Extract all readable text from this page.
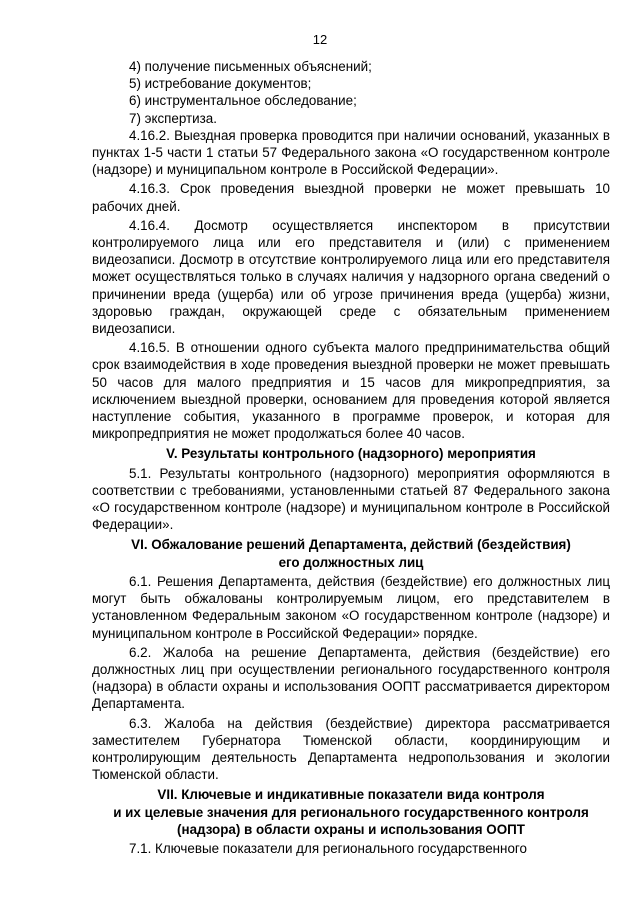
12

4) получение письменных объяснений;

5) истребование документов;

6) инструментальное обследование;

7) экспертиза.

4.16.2. Выездная проверка проводится при наличии оснований, указанных в пунктах 1-5 части 1 статьи 57 Федерального закона «О государственном контроле (надзоре) и муниципальном контроле в Российской Федерации».

4.16.3. Срок проведения выездной проверки не может превышать 10 рабочих дней.

4.16.4. Досмотр осуществляется инспектором в присутствии контролируемого лица или его представителя и (или) с применением видеозаписи. Досмотр в отсутствие контролируемого лица или его представителя может осуществляться только в случаях наличия у надзорного органа сведений о причинении вреда (ущерба) или об угрозе причинения вреда (ущерба) жизни, здоровью граждан, окружающей среде с обязательным применением видеозаписи.

4.16.5. В отношении одного субъекта малого предпринимательства общий срок взаимодействия в ходе проведения выездной проверки не может превышать 50 часов для малого предприятия и 15 часов для микропредприятия, за исключением выездной проверки, основанием для проведения которой является наступление события, указанного в программе проверок, и которая для микропредприятия не может продолжаться более 40 часов.

V. Результаты контрольного (надзорного) мероприятия

5.1. Результаты контрольного (надзорного) мероприятия оформляются в соответствии с требованиями, установленными статьей 87 Федерального закона «О государственном контроле (надзоре) и муниципальном контроле в Российской Федерации».

VI. Обжалование решений Департамента, действий (бездействия)
его должностных лиц

6.1. Решения Департамента, действия (бездействие) его должностных лиц могут быть обжалованы контролируемым лицом, его представителем в установленном Федеральным законом «О государственном контроле (надзоре) и муниципальном контроле в Российской Федерации» порядке.

6.2. Жалоба на решение Департамента, действия (бездействие) его должностных лиц при осуществлении регионального государственного контроля (надзора) в области охраны и использования ООПТ рассматривается директором Департамента.

6.3. Жалоба на действия (бездействие) директора рассматривается заместителем Губернатора Тюменской области, координирующим и контролирующим деятельность Департамента недропользования и экологии Тюменской области.

VII. Ключевые и индикативные показатели вида контроля
и их целевые значения для регионального государственного контроля
(надзора) в области охраны и использования ООПТ

7.1. Ключевые показатели для регионального государственного
